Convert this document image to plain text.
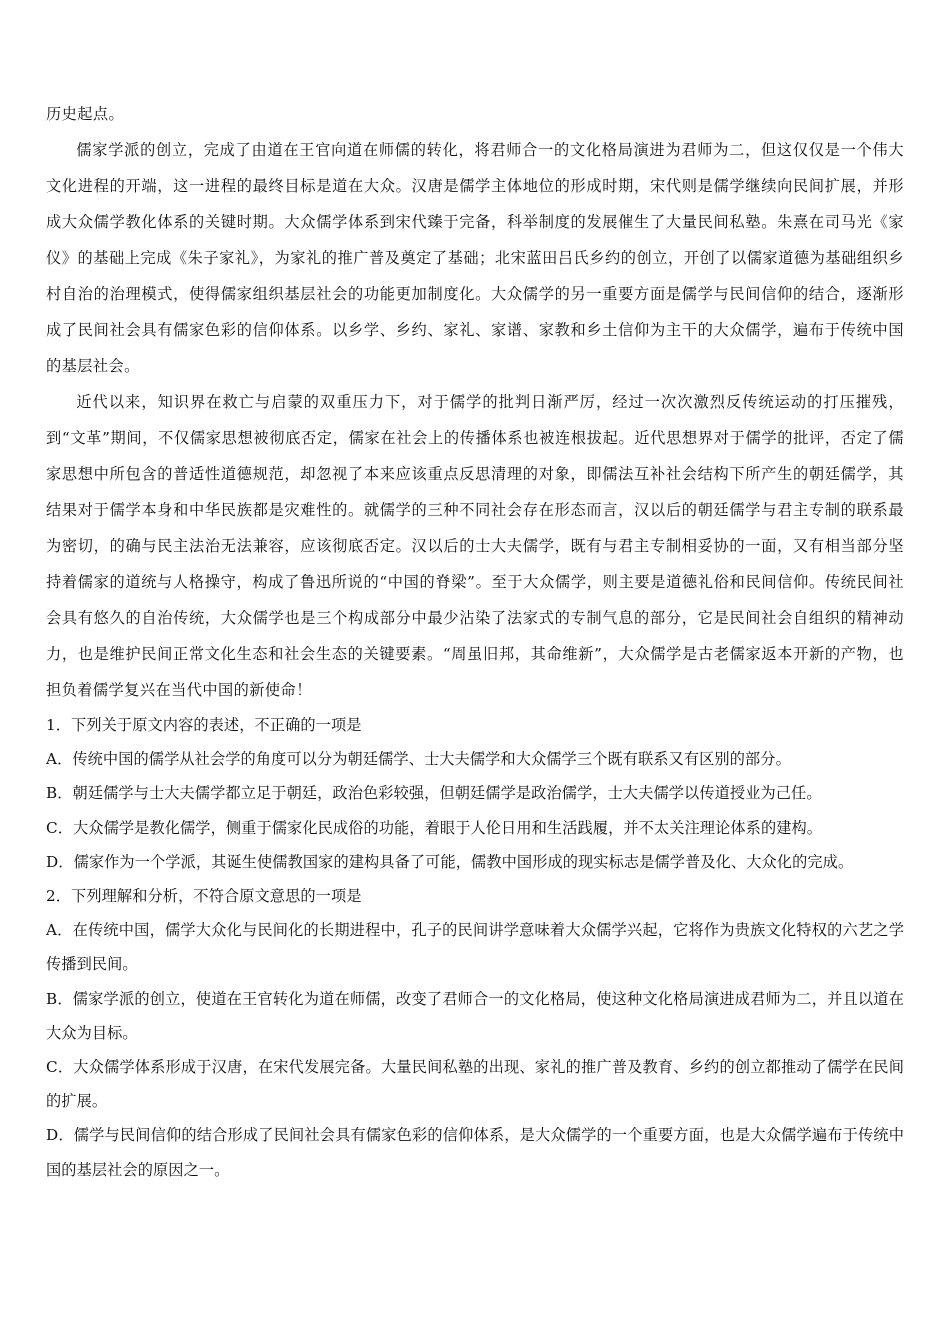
历史起点。

儒家学派的创立，完成了由道在王官向道在师儒的转化，将君师合一的文化格局演进为君师为二，但这仅仅是一个伟大文化进程的开端，这一进程的最终目标是道在大众。汉唐是儒学主体地位的形成时期，宋代则是儒学继续向民间扩展，并形成大众儒学教化体系的关键时期。大众儒学体系到宋代臻于完备，科举制度的发展催生了大量民间私塾。朱熹在司马光《家仪》的基础上完成《朱子家礼》，为家礼的推广普及奠定了基础；北宋蓝田吕氏乡约的创立，开创了以儒家道德为基础组织乡村自治的治理模式，使得儒家组织基层社会的功能更加制度化。大众儒学的另一重要方面是儒学与民间信仰的结合，逐渐形成了民间社会具有儒家色彩的信仰体系。以乡学、乡约、家礼、家谱、家教和乡土信仰为主干的大众儒学，遍布于传统中国的基层社会。

近代以来，知识界在救亡与启蒙的双重压力下，对于儒学的批判日渐严厉，经过一次次激烈反传统运动的打压摧残，到“文革”期间，不仅儒家思想被彻底否定，儒家在社会上的传播体系也被连根拔起。近代思想界对于儒学的批评，否定了儒家思想中所包含的普适性道德规范，却忽视了本来应该重点反思清理的对象，即儒法互补社会结构下所产生的朝廷儒学，其结果对于儒学本身和中华民族都是灾难性的。就儒学的三种不同社会存在形态而言，汉以后的朝廷儒学与君主专制的联系最为密切，的确与民主法治无法兼容，应该彻底否定。汉以后的士大夫儒学，既有与君主专制相妥协的一面，又有相当部分坚持着儒家的道统与人格操守，构成了鲁迅所说的“中国的脊梁”。至于大众儒学，则主要是道德礼俗和民间信仰。传统民间社会具有悠久的自治传统，大众儒学也是三个构成部分中最少沾染了法家式的专制气息的部分，它是民间社会自组织的精神动力，也是维护民间正常文化生态和社会生态的关键要素。“周虽旧邦，其命维新”，大众儒学是古老儒家返本开新的产物，也担负着儒学复兴在当代中国的新使命！

1．下列关于原文内容的表述，不正确的一项是

A．传统中国的儒学从社会学的角度可以分为朝廷儒学、士大夫儒学和大众儒学三个既有联系又有区别的部分。

B．朝廷儒学与士大夫儒学都立足于朝廷，政治色彩较强，但朝廷儒学是政治儒学，士大夫儒学以传道授业为己任。

C．大众儒学是教化儒学，侧重于儒家化民成俗的功能，着眼于人伦日用和生活践履，并不太关注理论体系的建构。

D．儒家作为一个学派，其诞生使儒教国家的建构具备了可能，儒教中国形成的现实标志是儒学普及化、大众化的完成。

2．下列理解和分析，不符合原文意思的一项是

A．在传统中国，儒学大众化与民间化的长期进程中，孔子的民间讲学意味着大众儒学兴起，它将作为贵族文化特权的六艺之学传播到民间。

B．儒家学派的创立，使道在王官转化为道在师儒，改变了君师合一的文化格局，使这种文化格局演进成君师为二，并且以道在大众为目标。

C．大众儒学体系形成于汉唐，在宋代发展完备。大量民间私塾的出现、家礼的推广普及教育、乡约的创立都推动了儒学在民间的扩展。

D．儒学与民间信仰的结合形成了民间社会具有儒家色彩的信仰体系，是大众儒学的一个重要方面，也是大众儒学遍布于传统中国的基层社会的原因之一。
